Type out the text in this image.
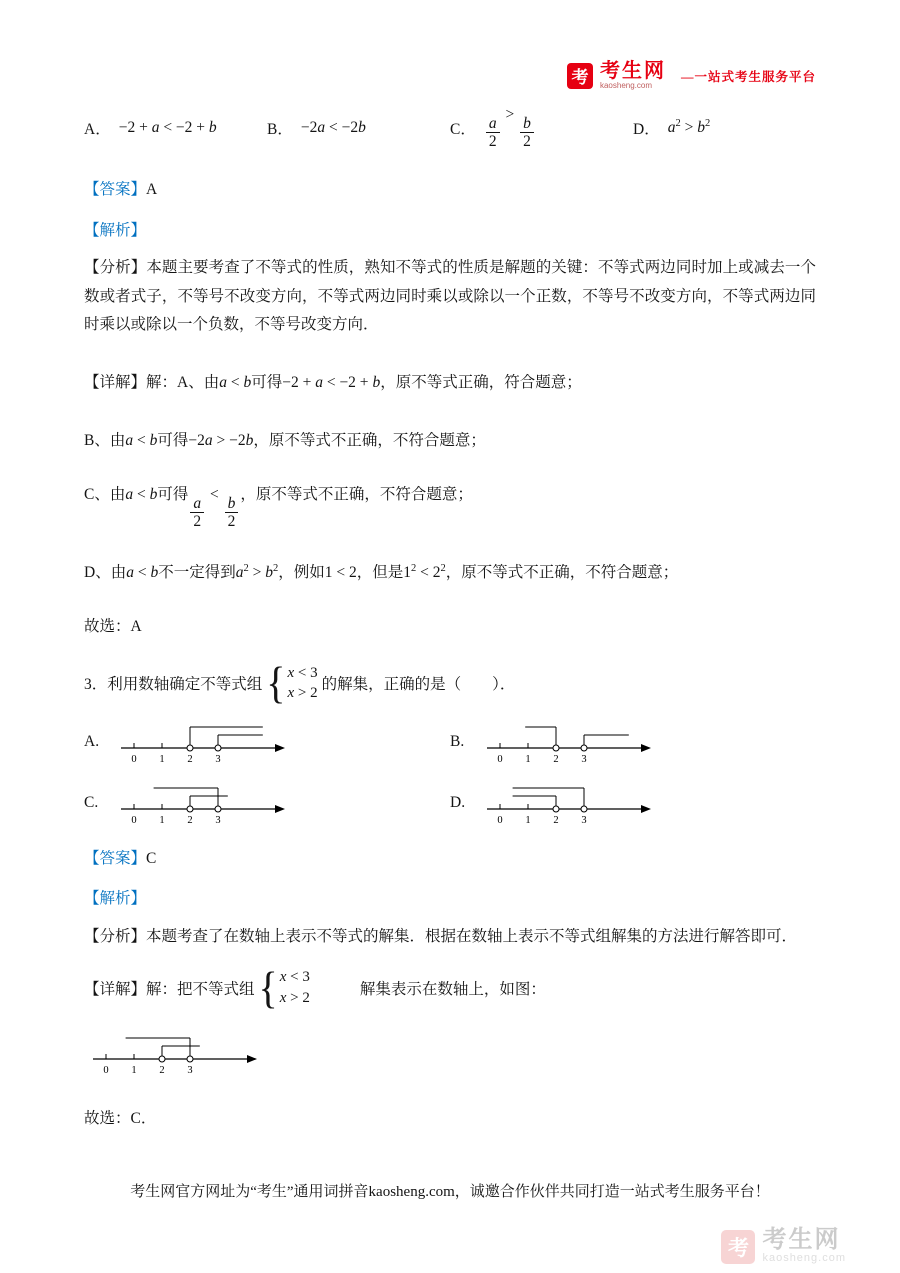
考 考生网
kaosheng.com
—一站式考生服务平台
A． −2 + a < −2 + b	B． −2a < −2b	C． $\frac{a}{2}$
>
$\frac{b}{2}$	D． $a^2 > b^2$

【答案】A

【解析】

【分析】本题主要考查了不等式的性质，熟知不等式的性质是解题的关键：不等式两边同时加上或减去一个数或者式子，不等号不改变方向，不等式两边同时乘以或除以一个正数，不等号不改变方向，不等式两边同时乘以或除以一个负数，不等号改变方向．

【详解】解：A、由a < b可得−2 + a < −2 + b，原不等式正确，符合题意；

B、由a < b可得−2a > −2b，原不等式不正确，不符合题意；

C、由a < b可得
$\frac{a}{2}$
<
$\frac{b}{2}$
，原不等式不正确，不符合题意；

D、由a < b不一定得到$a^2 > b^2$，例如1 < 2，但是$1^2 < 2^2$，原不等式不正确，不符合题意；

故选：A

3． 利用数轴确定不等式组 { x < 3
x > 2 的解集，正确的是（　　）．
A.
0 1 2 3
B.
0 1 2 3
C.
0 1 2 3
D.
0 1 2 3

【答案】C

【解析】

【分析】本题考查了在数轴上表示不等式的解集．根据在数轴上表示不等式组解集的方法进行解答即可．

【详解】 解：把不等式组 { x < 3
x > 2	解集表示在数轴上，如图：
0 1 2 3

故选：C．

考生网官方网址为“考生”通用词拼音kaosheng.com，诚邀合作伙伴共同打造一站式考生服务平台！
考 考生网
kaosheng.com
